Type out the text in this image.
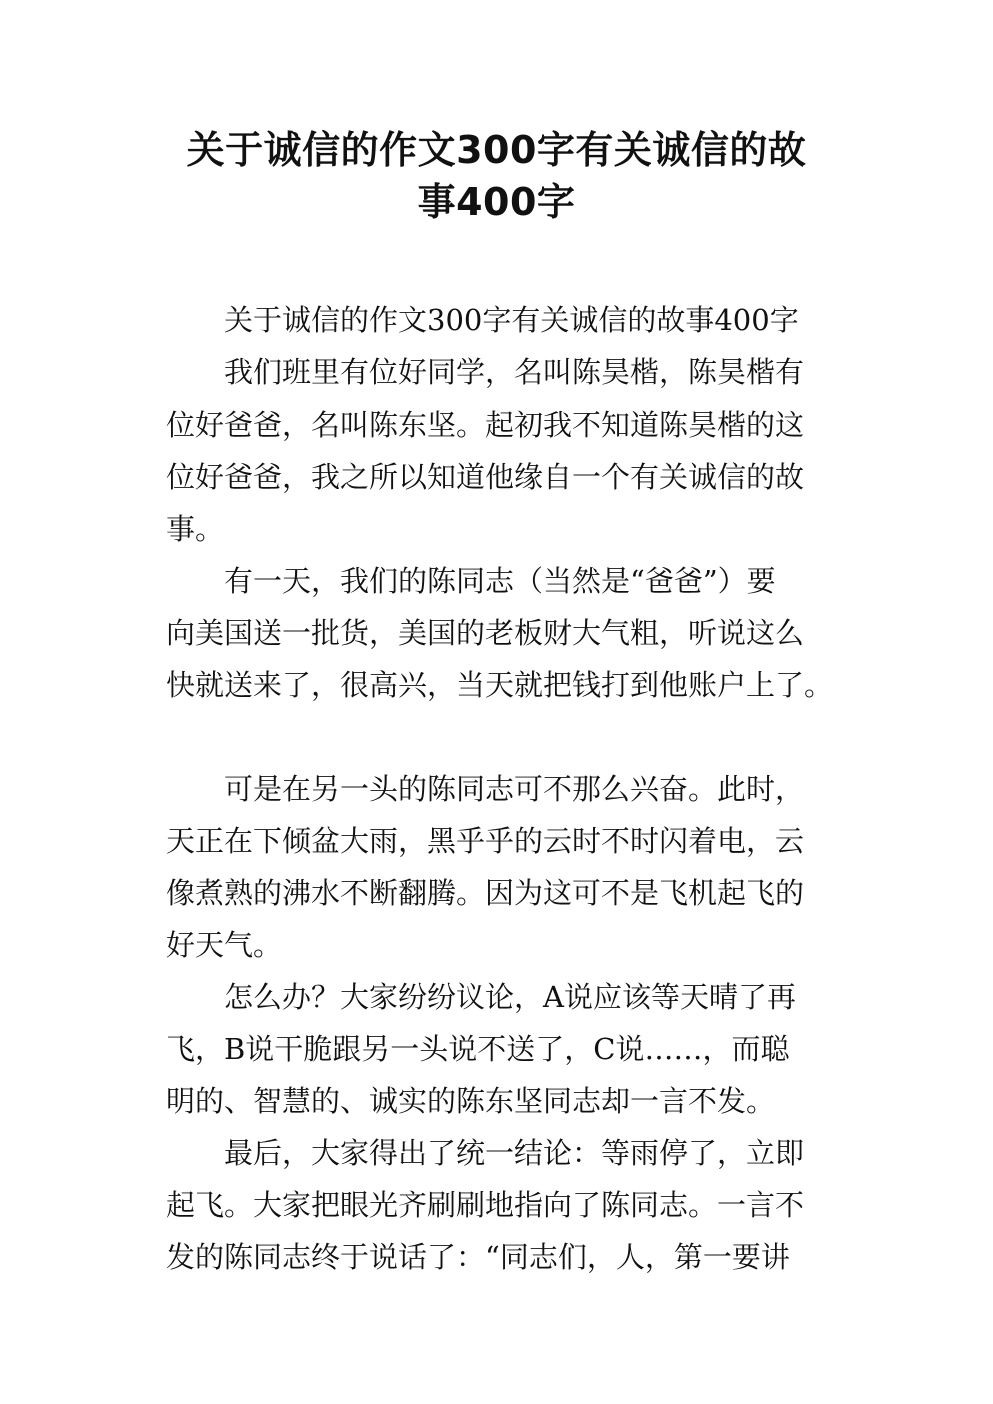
关于诚信的作文300字有关诚信的故
事400字

关于诚信的作文300字有关诚信的故事400字

我们班里有位好同学，名叫陈昊楷，陈昊楷有

位好爸爸，名叫陈东坚。起初我不知道陈昊楷的这

位好爸爸，我之所以知道他缘自一个有关诚信的故

事。

有一天，我们的陈同志（当然是“爸爸”）要

向美国送一批货，美国的老板财大气粗，听说这么

快就送来了，很高兴，当天就把钱打到他账户上了。

可是在另一头的陈同志可不那么兴奋。此时，

天正在下倾盆大雨，黑乎乎的云时不时闪着电，云

像煮熟的沸水不断翻腾。因为这可不是飞机起飞的

好天气。

怎么办？大家纷纷议论，A说应该等天晴了再

飞，B说干脆跟另一头说不送了，C说……，而聪

明的、智慧的、诚实的陈东坚同志却一言不发。

最后，大家得出了统一结论：等雨停了，立即

起飞。大家把眼光齐刷刷地指向了陈同志。一言不

发的陈同志终于说话了：“同志们，人，第一要讲
